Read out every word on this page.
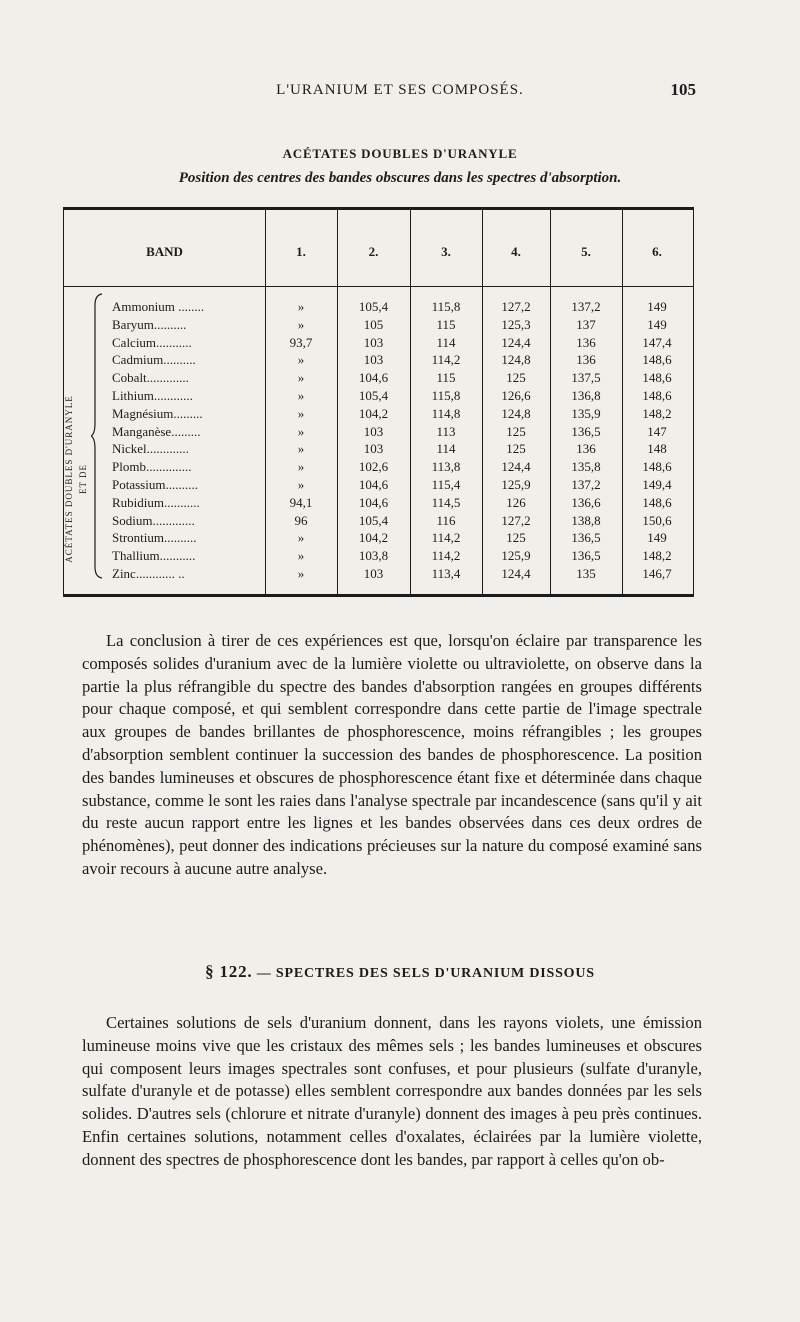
L'URANIUM ET SES COMPOSÉS.	105
ACÉTATES DOUBLES D'URANYLE
Position des centres des bandes obscures dans les spectres d'absorption.
BAND	1.	2.	3.	4.	5.	6.
ACÉTATES DOUBLES D'URANYLE ET DE
Ammonium ........	»	105,4	115,8	127,2	137,2	149
Baryum..........	»	105	115	125,3	137	149
Calcium...........	93,7	103	114	124,4	136	147,4
Cadmium..........	»	103	114,2	124,8	136	148,6
Cobalt.............	»	104,6	115	125	137,5	148,6
Lithium............	»	105,4	115,8	126,6	136,8	148,6
Magnésium.........	»	104,2	114,8	124,8	135,9	148,2
Manganèse.........	»	103	113	125	136,5	147
Nickel.............	»	103	114	125	136	148
Plomb..............	»	102,6	113,8	124,4	135,8	148,6
Potassium..........	»	104,6	115,4	125,9	137,2	149,4
Rubidium...........	94,1	104,6	114,5	126	136,6	148,6
Sodium.............	96	105,4	116	127,2	138,8	150,6
Strontium..........	»	104,2	114,2	125	136,5	149
Thallium...........	»	103,8	114,2	125,9	136,5	148,2
Zinc............ ..	»	103	113,4	124,4	135	146,7

La conclusion à tirer de ces expériences est que, lorsqu'on éclaire par transparence les composés solides d'uranium avec de la lumière violette ou ultraviolette, on observe dans la partie la plus réfrangible du spectre des bandes d'absorption rangées en groupes différents pour chaque composé, et qui semblent correspondre dans cette partie de l'image spectrale aux groupes de bandes brillantes de phosphorescence, moins réfrangibles ; les groupes d'absorption semblent continuer la succession des bandes de phosphorescence. La position des bandes lumineuses et obscures de phosphorescence étant fixe et déterminée dans chaque substance, comme le sont les raies dans l'analyse spectrale par incandescence (sans qu'il y ait du reste aucun rapport entre les lignes et les bandes observées dans ces deux ordres de phénomènes), peut donner des indications précieuses sur la nature du composé examiné sans avoir recours à aucune autre analyse.

§ 122. — SPECTRES DES SELS D'URANIUM DISSOUS

Certaines solutions de sels d'uranium donnent, dans les rayons violets, une émission lumineuse moins vive que les cristaux des mêmes sels ; les bandes lumineuses et obscures qui composent leurs images spectrales sont confuses, et pour plusieurs (sulfate d'uranyle, sulfate d'uranyle et de potasse) elles semblent correspondre aux bandes données par les sels solides. D'autres sels (chlorure et nitrate d'uranyle) donnent des images à peu près continues. Enfin certaines solutions, notamment celles d'oxalates, éclairées par la lumière violette, donnent des spectres de phosphorescence dont les bandes, par rapport à celles qu'on ob-
